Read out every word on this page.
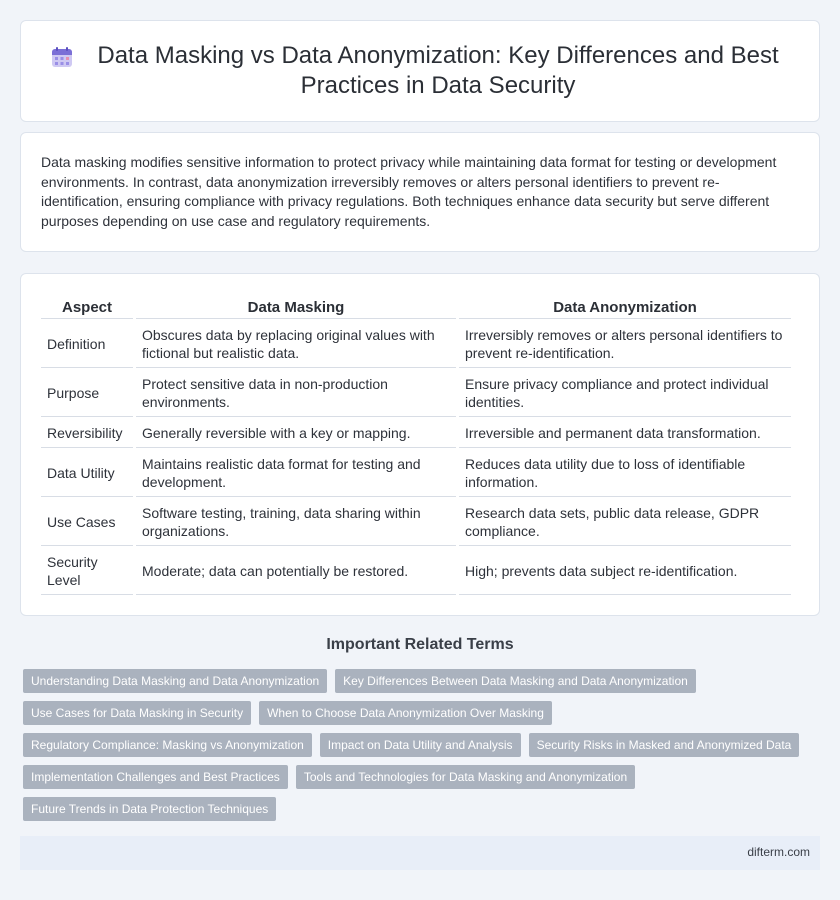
Data Masking vs Data Anonymization: Key Differences and Best Practices in Data Security

Data masking modifies sensitive information to protect privacy while maintaining data format for testing or development environments. In contrast, data anonymization irreversibly removes or alters personal identifiers to prevent re-identification, ensuring compliance with privacy regulations. Both techniques enhance data security but serve different purposes depending on use case and regulatory requirements.

Aspect	Data Masking	Data Anonymization
Definition	Obscures data by replacing original values with fictional but realistic data.	Irreversibly removes or alters personal identifiers to prevent re-identification.
Purpose	Protect sensitive data in non-production environments.	Ensure privacy compliance and protect individual identities.
Reversibility	Generally reversible with a key or mapping.	Irreversible and permanent data transformation.
Data Utility	Maintains realistic data format for testing and development.	Reduces data utility due to loss of identifiable information.
Use Cases	Software testing, training, data sharing within organizations.	Research data sets, public data release, GDPR compliance.
Security Level	Moderate; data can potentially be restored.	High; prevents data subject re-identification.
Important Related Terms
Understanding Data Masking and Data Anonymization	Key Differences Between Data Masking and Data Anonymization
Use Cases for Data Masking in Security	When to Choose Data Anonymization Over Masking
Regulatory Compliance: Masking vs Anonymization	Impact on Data Utility and Analysis	Security Risks in Masked and Anonymized Data
Implementation Challenges and Best Practices	Tools and Technologies for Data Masking and Anonymization
Future Trends in Data Protection Techniques
difterm.com
